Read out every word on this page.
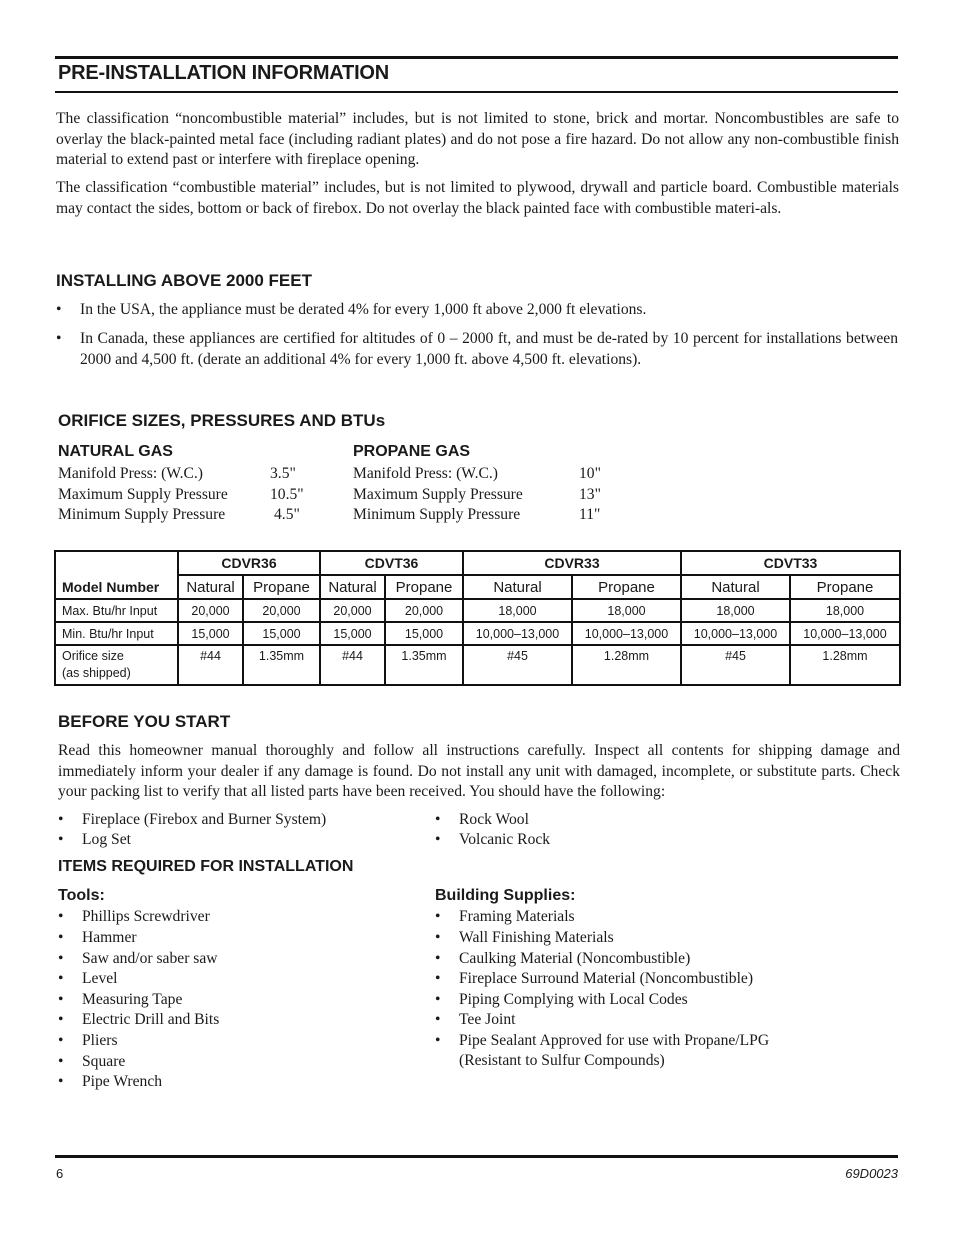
PRE-INSTALLATION INFORMATION
The classification “noncombustible material” includes, but is not limited to stone, brick and mortar. Noncombustibles are safe to overlay the black-painted metal face (including radiant plates) and do not pose a fire hazard. Do not allow any non-combustible finish material to extend past or interfere with fireplace opening.
The classification “combustible material” includes, but is not limited to plywood, drywall and particle board. Combustible materials may contact the sides, bottom or back of firebox. Do not overlay the black painted face with combustible materi-als.
INSTALLING ABOVE 2000 FEET
• In the USA, the appliance must be derated 4% for every 1,000 ft above 2,000 ft elevations.
• In Canada, these appliances are certified for altitudes of 0 – 2000 ft, and must be de-rated by 10 percent for installations between 2000 and 4,500 ft. (derate an additional 4% for every 1,000 ft. above 4,500 ft. elevations).
ORIFICE SIZES, PRESSURES AND BTUs
NATURAL GAS
Manifold Press: (W.C.)	3.5"
Maximum Supply Pressure	10.5"
Minimum Supply Pressure	4.5"
PROPANE GAS
Manifold Press: (W.C.)	10"
Maximum Supply Pressure	13"
Minimum Supply Pressure	11"
Model Number	CDVR36		CDVT36		CDVR33		CDVT33	
	Natural	Propane	Natural	Propane	Natural	Propane	Natural	Propane
Max. Btu/hr Input	20,000	20,000	20,000	20,000	18,000	18,000	18,000	18,000
Min. Btu/hr Input	15,000	15,000	15,000	15,000	10,000–13,000	10,000–13,000	10,000–13,000	10,000–13,000
Orifice size
(as shipped)	#44	1.35mm	#44	1.35mm	#45	1.28mm	#45	1.28mm
BEFORE YOU START
Read this homeowner manual thoroughly and follow all instructions carefully. Inspect all contents for shipping damage and immediately inform your dealer if any damage is found. Do not install any unit with damaged, incomplete, or substitute parts. Check your packing list to verify that all listed parts have been received. You should have the following:
• Fireplace (Firebox and Burner System)
• Log Set
• Rock Wool
• Volcanic Rock
ITEMS REQUIRED FOR INSTALLATION
Tools:	Building Supplies:
• Phillips Screwdriver
• Hammer
• Saw and/or saber saw
• Level
• Measuring Tape
• Electric Drill and Bits
• Pliers
• Square
• Pipe Wrench
• Framing Materials
• Wall Finishing Materials
• Caulking Material (Noncombustible)
• Fireplace Surround Material (Noncombustible)
• Piping Complying with Local Codes
• Tee Joint
• Pipe Sealant Approved for use with Propane/LPG
(Resistant to Sulfur Compounds)
6	69D0023
